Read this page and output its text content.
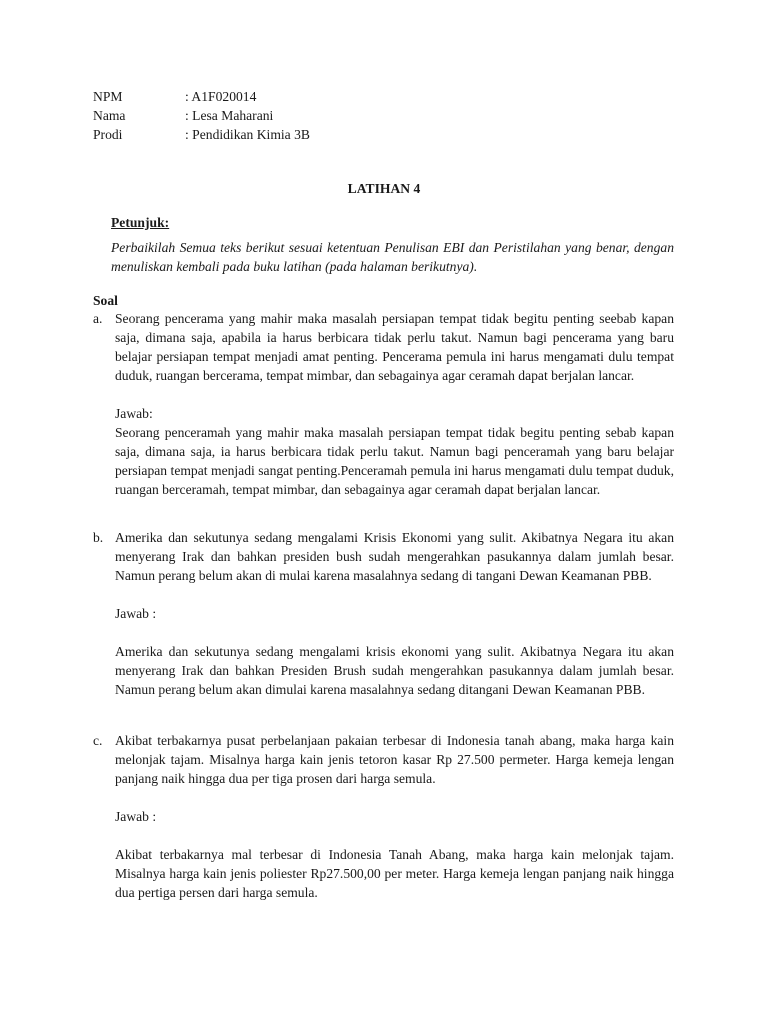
NPM	: A1F020014
Nama	: Lesa Maharani
Prodi	: Pendidikan Kimia 3B
LATIHAN 4
Petunjuk:
Perbaikilah Semua teks berikut sesuai ketentuan Penulisan EBI dan Peristilahan yang benar, dengan menuliskan kembali pada buku latihan (pada halaman berikutnya).
Soal
a. Seorang pencerama yang mahir maka masalah persiapan tempat tidak begitu penting seebab kapan saja, dimana saja, apabila ia harus berbicara tidak perlu takut. Namun bagi pencerama yang baru belajar persiapan tempat menjadi amat penting. Pencerama pemula ini harus mengamati dulu tempat duduk, ruangan bercerama, tempat mimbar, dan sebagainya agar ceramah dapat berjalan lancar.

Jawab:

Seorang penceramah yang mahir maka masalah persiapan tempat tidak begitu penting sebab kapan saja, dimana saja, ia harus berbicara tidak perlu takut. Namun bagi penceramah yang baru belajar persiapan tempat menjadi sangat penting.Penceramah pemula ini harus mengamati dulu tempat duduk, ruangan berceramah, tempat mimbar, dan sebagainya agar ceramah dapat berjalan lancar.

b. Amerika dan sekutunya sedang mengalami Krisis Ekonomi yang sulit. Akibatnya Negara itu akan menyerang Irak dan bahkan presiden bush sudah mengerahkan pasukannya dalam jumlah besar. Namun perang belum akan di mulai karena masalahnya sedang di tangani Dewan Keamanan PBB.

Jawab :

Amerika dan sekutunya sedang mengalami krisis ekonomi yang sulit. Akibatnya Negara itu akan menyerang Irak dan bahkan Presiden Brush sudah mengerahkan pasukannya dalam jumlah besar. Namun perang belum akan dimulai karena masalahnya sedang ditangani Dewan Keamanan PBB.

c. Akibat terbakarnya pusat perbelanjaan pakaian terbesar di Indonesia tanah abang, maka harga kain melonjak tajam. Misalnya harga kain jenis tetoron kasar Rp 27.500 permeter. Harga kemeja lengan panjang naik hingga dua per tiga prosen dari harga semula.

Jawab :

Akibat terbakarnya mal terbesar di Indonesia Tanah Abang, maka harga kain melonjak tajam. Misalnya harga kain jenis poliester Rp27.500,00 per meter. Harga kemeja lengan panjang naik hingga dua pertiga persen dari harga semula.
